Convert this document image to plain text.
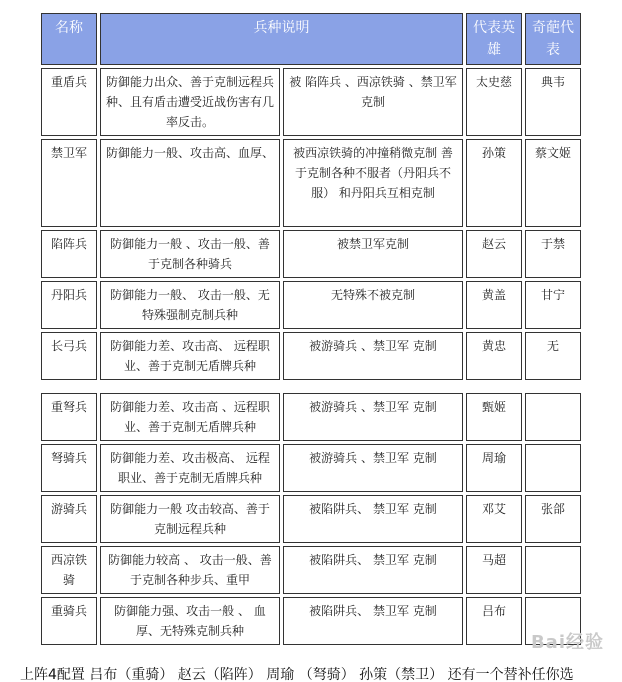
名称	兵种说明		代表英雄	奇葩代表
重盾兵	防御能力出众、善于克制远程兵种、且有盾击遭受近战伤害有几率反击。	被 陷阵兵 、西凉铁骑 、禁卫军 克制	太史慈	典韦
禁卫军	防御能力一般、攻击高、血厚、	被西凉铁骑的冲撞稍微克制 善于克制各种不服者（丹阳兵不服） 和丹阳兵互相克制	孙策	蔡文姬
陷阵兵	防御能力一般 、攻击一般、善于克制各种骑兵	被禁卫军克制	赵云	于禁
丹阳兵	防御能力一般、 攻击一般、无特殊强制克制兵种	无特殊不被克制	黄盖	甘宁
长弓兵	防御能力差、攻击高、 远程职业、善于克制无盾牌兵种	被游骑兵 、禁卫军 克制	黄忠	无
重弩兵	防御能力差、攻击高 、远程职业、善于克制无盾牌兵种	被游骑兵 、禁卫军 克制	甄姬	
弩骑兵	防御能力差、攻击极高、 远程职业、善于克制无盾牌兵种	被游骑兵 、禁卫军 克制	周瑜	
游骑兵	防御能力一般 攻击较高、善于克制远程兵种	被陷阱兵、 禁卫军 克制	邓艾	张郃
西凉铁骑	防御能力较高 、 攻击一般、善于克制各种步兵、重甲	被陷阱兵、 禁卫军 克制	马超	
重骑兵	防御能力强、攻击一般 、 血厚、无特殊克制兵种	被陷阱兵、 禁卫军 克制	吕布	
Bai经验
上阵4配置 吕布（重骑） 赵云（陷阵） 周瑜 （弩骑） 孙策（禁卫） 还有一个替补任你选
